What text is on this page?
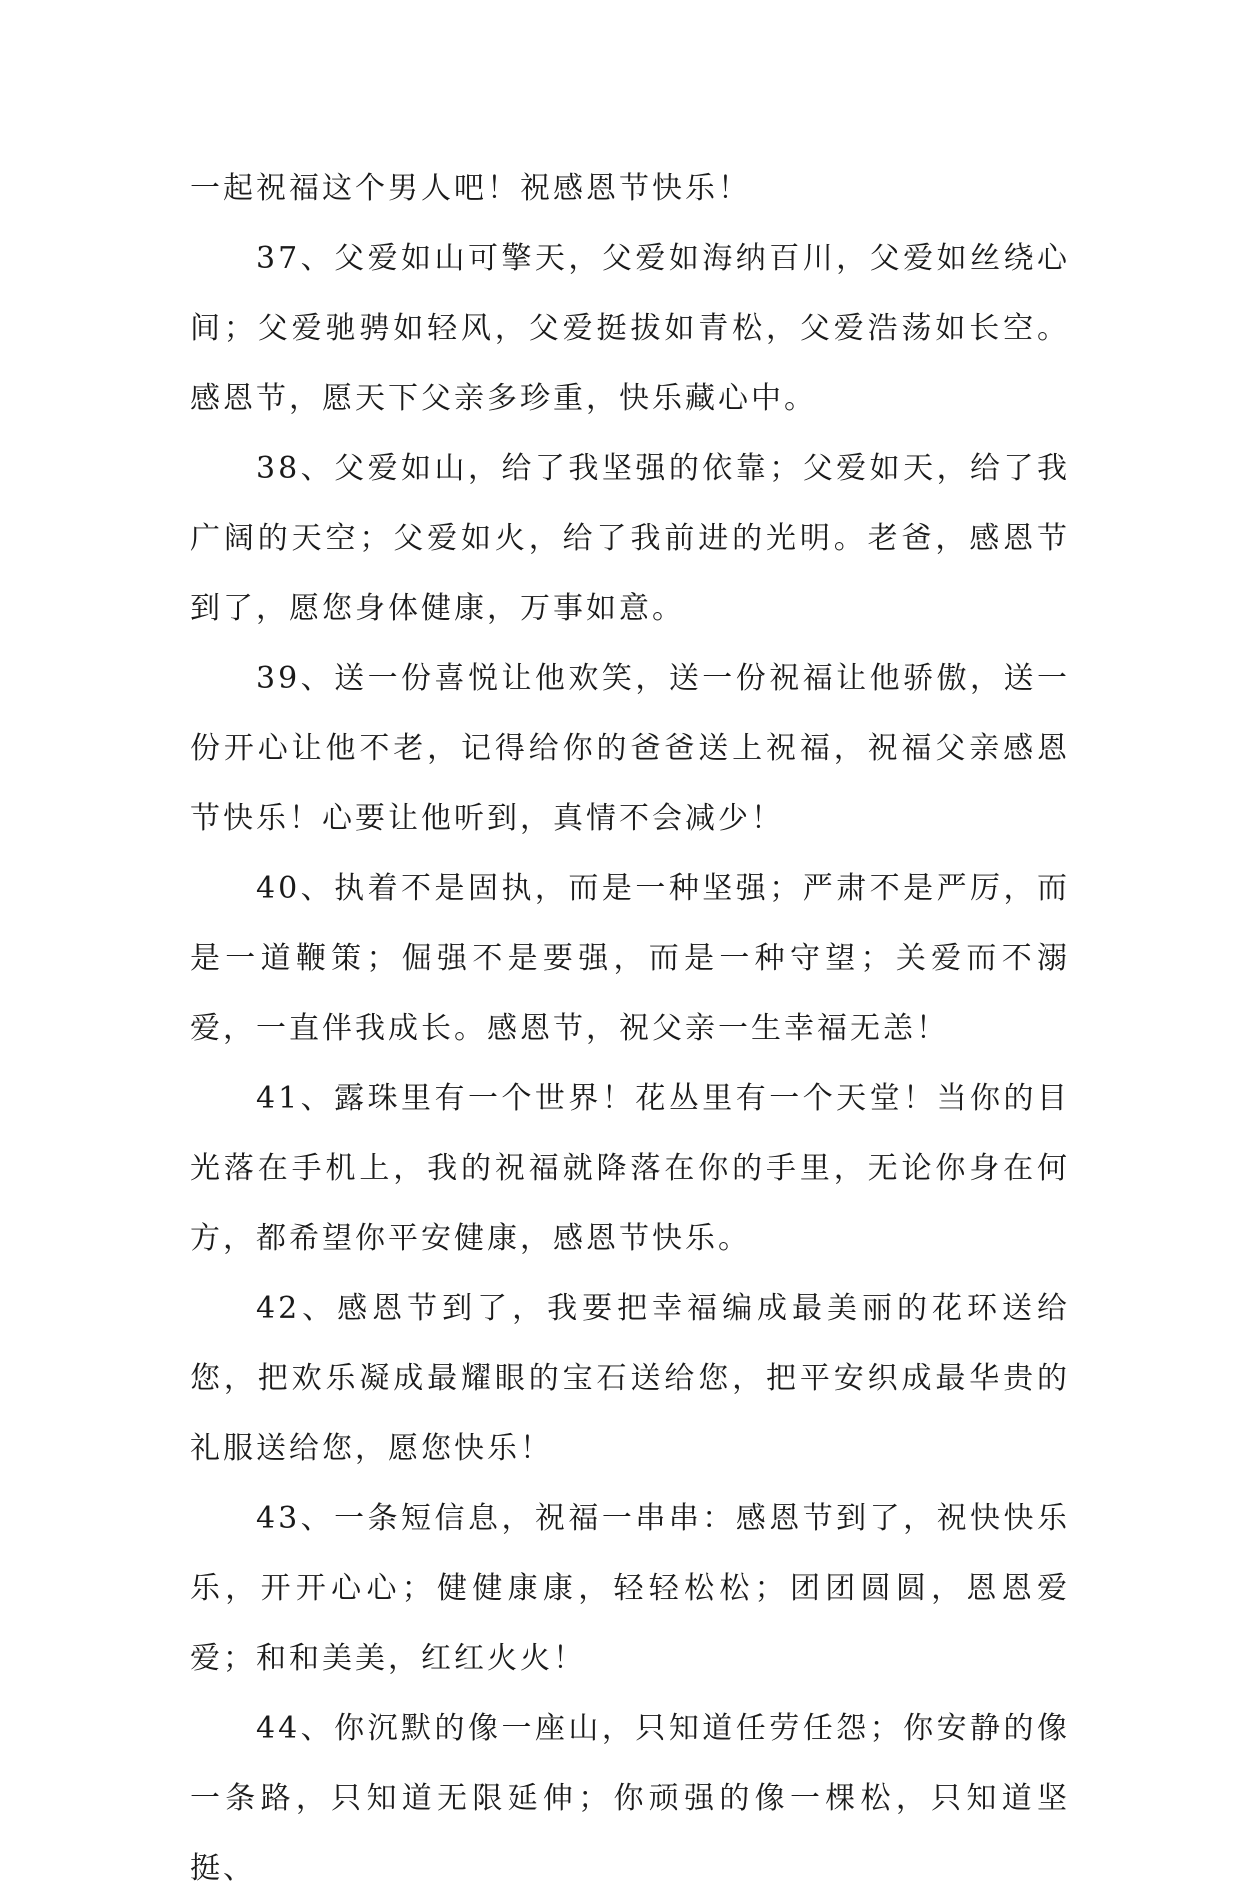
一起祝福这个男人吧！祝感恩节快乐！

37、父爱如山可擎天，父爱如海纳百川，父爱如丝绕心间；父爱驰骋如轻风，父爱挺拔如青松，父爱浩荡如长空。感恩节，愿天下父亲多珍重，快乐藏心中。

38、父爱如山，给了我坚强的依靠；父爱如天，给了我广阔的天空；父爱如火，给了我前进的光明。老爸，感恩节到了，愿您身体健康，万事如意。

39、送一份喜悦让他欢笑，送一份祝福让他骄傲，送一份开心让他不老，记得给你的爸爸送上祝福，祝福父亲感恩节快乐！心要让他听到，真情不会减少！

40、执着不是固执，而是一种坚强；严肃不是严厉，而是一道鞭策；倔强不是要强，而是一种守望；关爱而不溺爱，一直伴我成长。感恩节，祝父亲一生幸福无恙！

41、露珠里有一个世界！花丛里有一个天堂！当你的目光落在手机上，我的祝福就降落在你的手里，无论你身在何方，都希望你平安健康，感恩节快乐。

42、感恩节到了，我要把幸福编成最美丽的花环送给您，把欢乐凝成最耀眼的宝石送给您，把平安织成最华贵的礼服送给您，愿您快乐！

43、一条短信息，祝福一串串：感恩节到了，祝快快乐乐，开开心心；健健康康，轻轻松松；团团圆圆，恩恩爱爱；和和美美，红红火火！

44、你沉默的像一座山，只知道任劳任怨；你安静的像一条路，只知道无限延伸；你顽强的像一棵松，只知道坚挺、
